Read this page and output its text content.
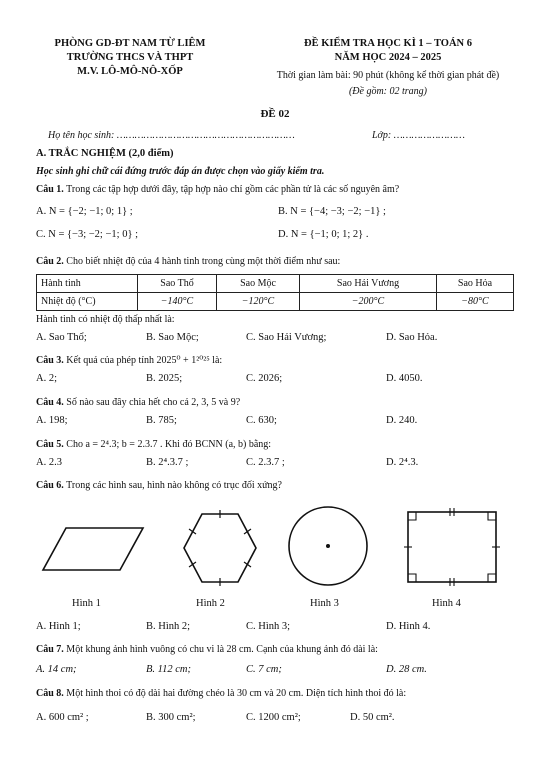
PHÒNG GD-ĐT NAM TỪ LIÊM
TRƯỜNG THCS VÀ THPT
M.V. LÔ-MÔ-NÔ-XỐP
ĐỀ KIỂM TRA HỌC KÌ 1 – TOÁN 6
NĂM HỌC 2024 – 2025
Thời gian làm bài: 90 phút (không kể thời gian phát đề)
(Đề gồm: 02 trang)
ĐỀ 02
Họ tên học sinh: ……………………………………………………	Lớp: ……………………
A. TRẮC NGHIỆM (2,0 điểm)
Học sinh ghi chữ cái đứng trước đáp án được chọn vào giấy kiểm tra.
Câu 1. Trong các tập hợp dưới đây, tập hợp nào chỉ gồm các phần tử là các số nguyên âm?
A. N = {−2; −1; 0; 1} ;	B. N = {−4; −3; −2; −1} ;
C. N = {−3; −2; −1; 0} ;	D. N = {−1; 0; 1; 2} .
Câu 2. Cho biết nhiệt độ của 4 hành tinh trong cùng một thời điểm như sau:
Hành tinh	Sao Thổ	Sao Mộc	Sao Hải Vương	Sao Hỏa
Nhiệt độ (°C)	−140°C	−120°C	−200°C	−80°C
Hành tinh có nhiệt độ thấp nhất là:
A. Sao Thổ;	B. Sao Mộc;	C. Sao Hải Vương;	D. Sao Hỏa.
Câu 3. Kết quả của phép tính 2025⁰ + 1²⁰²⁵ là:
A. 2;	B. 2025;	C. 2026;	D. 4050.
Câu 4. Số nào sau đây chia hết cho cả 2, 3, 5 và 9?
A. 198;	B. 785;	C. 630;	D. 240.
Câu 5. Cho a = 2⁴.3; b = 2.3.7 . Khi đó BCNN (a, b) bằng:
A. 2.3	B. 2⁴.3.7 ;	C. 2.3.7 ;	D. 2⁴.3.
Câu 6. Trong các hình sau, hình nào không có trục đối xứng?
Hình 1	Hình 2	Hình 3	Hình 4
A. Hình 1;	B. Hình 2;	C. Hình 3;	D. Hình 4.
Câu 7. Một khung ảnh hình vuông có chu vi là 28 cm. Cạnh của khung ảnh đó dài là:
A. 14 cm;	B. 112 cm;	C. 7 cm;	D. 28 cm.
Câu 8. Một hình thoi có độ dài hai đường chéo là 30 cm và 20 cm. Diện tích hình thoi đó là:
A. 600 cm² ;	B. 300 cm²;	C. 1200 cm²;	D. 50 cm².
